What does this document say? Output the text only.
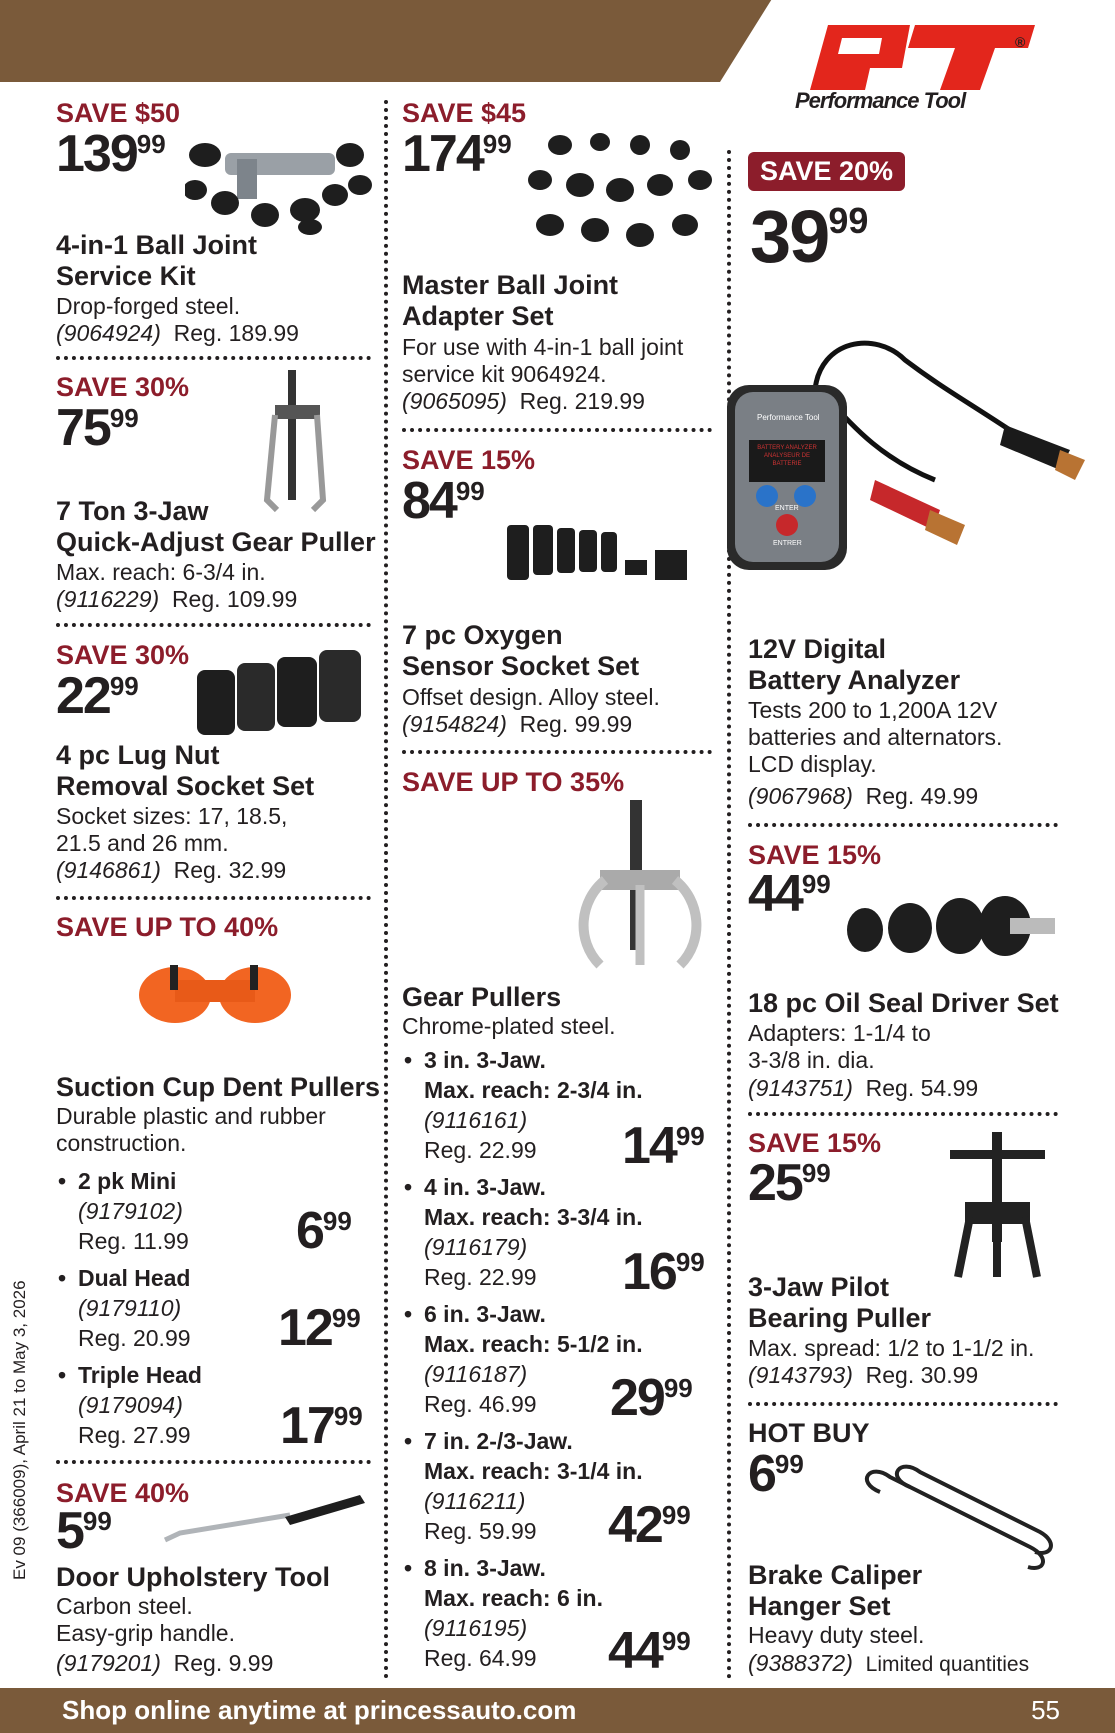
®
Performance Tool
SAVE $50
13999
4-in-1 Ball Joint
Service Kit
Drop-forged steel.
(9064924) Reg. 189.99
SAVE 30%
7599
7 Ton 3-Jaw
Quick-Adjust Gear Puller
Max. reach: 6-3/4 in.
(9116229) Reg. 109.99
SAVE 30%
2299
4 pc Lug Nut
Removal Socket Set
Socket sizes: 17, 18.5,
21.5 and 26 mm.
(9146861) Reg. 32.99
SAVE UP TO 40%
Suction Cup Dent Pullers
Durable plastic and rubber
construction.
• 2 pk Mini
(9179102)
Reg. 11.99 699
• Dual Head
(9179110)
Reg. 20.99 1299
• Triple Head
(9179094)
Reg. 27.99 1799
SAVE 40%
599
Door Upholstery Tool
Carbon steel.
Easy-grip handle.
(9179201) Reg. 9.99
SAVE $45
17499
Master Ball Joint
Adapter Set
For use with 4-in-1 ball joint
service kit 9064924.
(9065095) Reg. 219.99
SAVE 15%
8499
7 pc Oxygen
Sensor Socket Set
Offset design. Alloy steel.
(9154824) Reg. 99.99
SAVE UP TO 35%
Gear Pullers
Chrome-plated steel.
• 3 in. 3-Jaw.
Max. reach: 2-3/4 in.
(9116161)
Reg. 22.99	1499
• 4 in. 3-Jaw.
Max. reach: 3-3/4 in.
(9116179)
Reg. 22.99	1699
• 6 in. 3-Jaw.
Max. reach: 5-1/2 in.
(9116187)
Reg. 46.99	2999
• 7 in. 2-/3-Jaw.
Max. reach: 3-1/4 in.
(9116211)
Reg. 59.99	4299
• 8 in. 3-Jaw.
Max. reach: 6 in.
(9116195)
Reg. 64.99	4499
SAVE 20%
3999
Performance Tool
BATTERY ANALYZER
ANALYSEUR DE
BATTERIE
ENTER
ENTRER
12V Digital
Battery Analyzer
Tests 200 to 1,200A 12V
batteries and alternators.
LCD display.
(9067968) Reg. 49.99
SAVE 15%
4499
18 pc Oil Seal Driver Set
Adapters: 1-1/4 to
3-3/8 in. dia.
(9143751) Reg. 54.99
SAVE 15%
2599
3-Jaw Pilot
Bearing Puller
Max. spread: 1/2 to 1-1/2 in.
(9143793) Reg. 30.99
HOT BUY
699
Brake Caliper
Hanger Set
Heavy duty steel.
(9388372) Limited quantities
Ev 09 (366009), April 21 to May 3, 2026
Shop online anytime at princessauto.com	55
